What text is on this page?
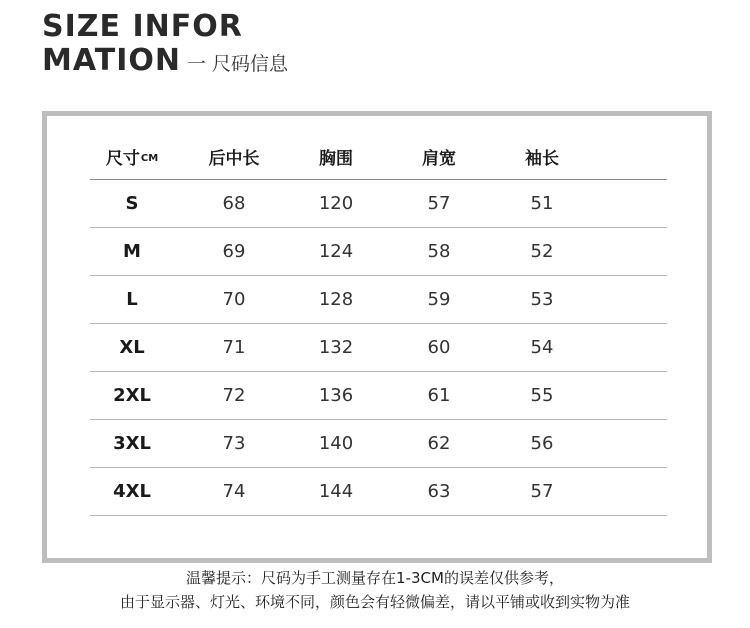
SIZE INFOR
MATION 一 尺码信息
尺寸 CM	后中长	胸围	肩宽	袖长
S	68	120	57	51
M	69	124	58	52
L	70	128	59	53
XL	71	132	60	54
2XL	72	136	61	55
3XL	73	140	62	56
4XL	74	144	63	57
温馨提示：尺码为手工测量存在1-3CM的误差仅供参考，
由于显示器、灯光、环境不同，颜色会有轻微偏差，请以平铺或收到实物为准
